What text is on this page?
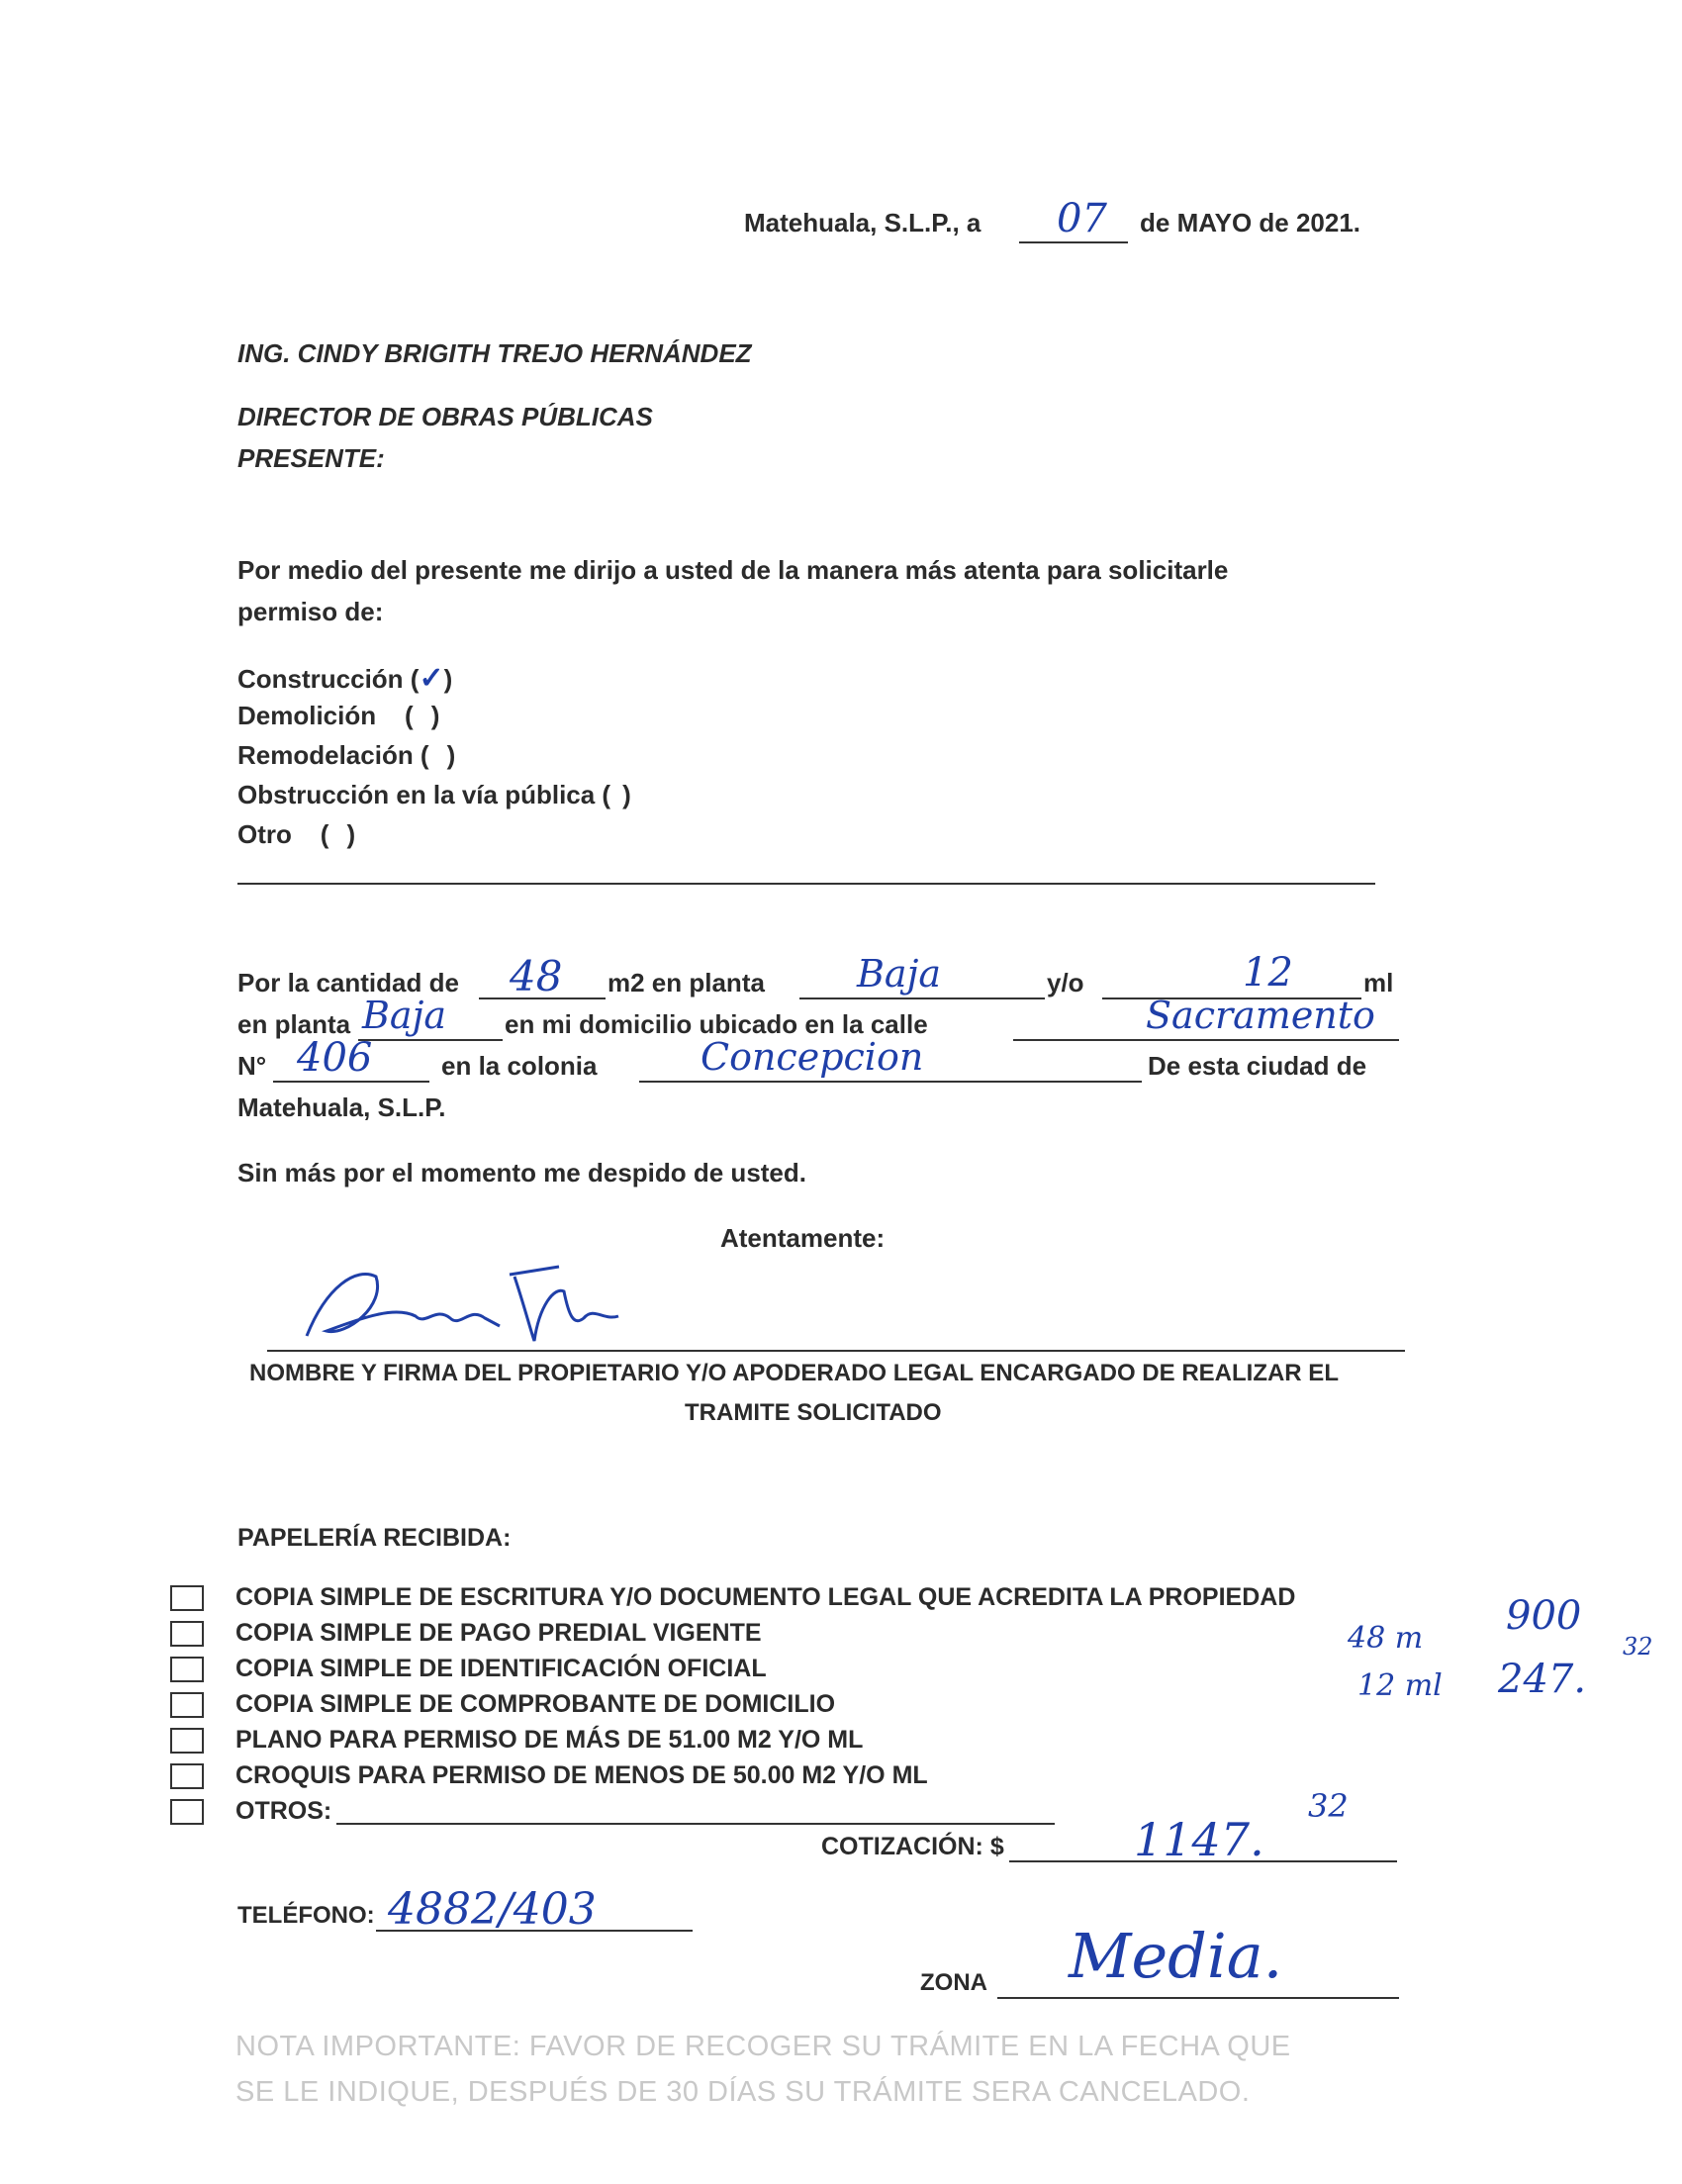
Matehuala, S.L.P., a 07 de MAYO de 2021.
ING. CINDY BRIGITH TREJO HERNÁNDEZ
DIRECTOR DE OBRAS PÚBLICAS
PRESENTE:
Por medio del presente me dirijo a usted de la manera más atenta para solicitarle
permiso de:
Construcción (✓)
Demolición    ( )
Remodelación ( )
Obstrucción en la vía pública ( )
Otro    ( )
Por la cantidad de 48 m2 en planta Baja	y/o	12	ml
en planta Baja en mi domicilio ubicado en la calle	Sacramento
N° 406	en la colonia	Concepcion	De esta ciudad de
Matehuala, S.L.P.
Sin más por el momento me despido de usted.
Atentamente:
NOMBRE Y FIRMA DEL PROPIETARIO Y/O APODERADO LEGAL ENCARGADO DE REALIZAR EL
TRAMITE SOLICITADO
PAPELERÍA RECIBIDA:
COPIA SIMPLE DE ESCRITURA Y/O DOCUMENTO LEGAL QUE ACREDITA LA PROPIEDAD
COPIA SIMPLE DE PAGO PREDIAL VIGENTE
COPIA SIMPLE DE IDENTIFICACIÓN OFICIAL
COPIA SIMPLE DE COMPROBANTE DE DOMICILIO
PLANO PARA PERMISO DE MÁS DE 51.00 M2 Y/O ML
CROQUIS PARA PERMISO DE MENOS DE 50.00 M2 Y/O ML
OTROS:
48 m 900
12 ml 247.
32
COTIZACIÓN: $	1147.
32
TELÉFONO: 4882/403
ZONA Media.
NOTA IMPORTANTE: FAVOR DE RECOGER SU TRÁMITE EN LA FECHA QUE
SE LE INDIQUE, DESPUÉS DE 30 DÍAS SU TRÁMITE SERA CANCELADO.
